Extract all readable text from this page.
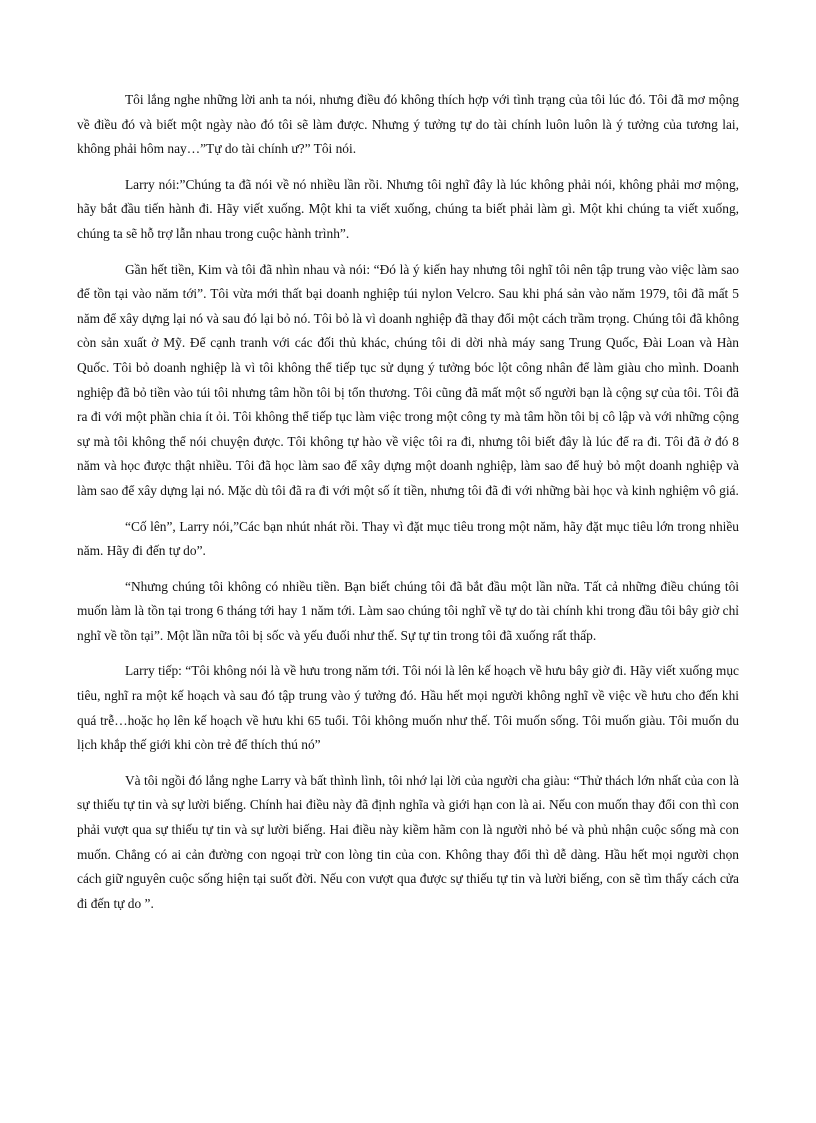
Tôi lắng nghe những lời anh ta nói, nhưng điều đó không thích hợp với tình trạng của tôi lúc đó. Tôi đã mơ mộng về điều đó và biết một ngày nào đó tôi sẽ làm được. Nhưng ý tưởng tự do tài chính luôn luôn là ý tưởng của tương lai, không phải hôm nay…”Tự do tài chính ư?” Tôi nói.

Larry nói:”Chúng ta đã nói về nó nhiều lần rồi. Nhưng tôi nghĩ đây là lúc không phải nói, không phải mơ mộng, hãy bắt đầu tiến hành đi. Hãy viết xuống. Một khi ta viết xuống, chúng ta biết phải làm gì. Một khi chúng ta viết xuống, chúng ta sẽ hỗ trợ lẫn nhau trong cuộc hành trình”.

Gần hết tiền, Kim và tôi đã nhìn nhau và nói: “Đó là ý kiến hay nhưng tôi nghĩ tôi nên tập trung vào việc làm sao để tồn tại vào năm tới”. Tôi vừa mới thất bại doanh nghiệp túi nylon Velcro. Sau khi phá sản vào năm 1979, tôi đã mất 5 năm để xây dựng lại nó và sau đó lại bỏ nó. Tôi bỏ là vì doanh nghiệp đã thay đổi một cách trầm trọng. Chúng tôi đã không còn sản xuất ở Mỹ. Để cạnh tranh với các đối thủ khác, chúng tôi di dời nhà máy sang Trung Quốc, Đài Loan và Hàn Quốc. Tôi bỏ doanh nghiệp là vì tôi không thể tiếp tục sử dụng ý tưởng bóc lột công nhân để làm giàu cho mình. Doanh nghiệp đã bỏ tiền vào túi tôi nhưng tâm hồn tôi bị tổn thương. Tôi cũng đã mất một số người bạn là cộng sự của tôi. Tôi đã ra đi với một phần chia ít ỏi. Tôi không thể tiếp tục làm việc trong một công ty mà tâm hồn tôi bị cô lập và với những cộng sự mà tôi không thể nói chuyện được. Tôi không tự hào về việc tôi ra đi, nhưng tôi biết đây là lúc để ra đi. Tôi đã ở đó 8 năm và học được thật nhiều. Tôi đã học làm sao để xây dựng một doanh nghiệp, làm sao để huỷ bỏ một doanh nghiệp và làm sao để xây dựng lại nó. Mặc dù tôi đã ra đi với một số ít tiền, nhưng tôi đã đi với những bài học và kinh nghiệm vô giá.

“Cố lên”, Larry nói,”Các bạn nhút nhát rồi. Thay vì đặt mục tiêu trong một năm, hãy đặt mục tiêu lớn trong nhiều năm. Hãy đi đến tự do”.

“Nhưng chúng tôi không có nhiều tiền. Bạn biết chúng tôi đã bắt đầu một lần nữa. Tất cả những điều chúng tôi muốn làm là tồn tại trong 6 tháng tới hay 1 năm tới. Làm sao chúng tôi nghĩ về tự do tài chính khi trong đầu tôi bây giờ chỉ nghĩ về tồn tại”. Một lần nữa tôi bị sốc và yếu đuối như thế. Sự tự tin trong tôi đã xuống rất thấp.

Larry tiếp: “Tôi không nói là về hưu trong năm tới. Tôi nói là lên kế hoạch về hưu bây giờ đi. Hãy viết xuống mục tiêu, nghĩ ra một kế hoạch và sau đó tập trung vào ý tưởng đó. Hầu hết mọi người không nghĩ về việc về hưu cho đến khi quá trễ…hoặc họ lên kế hoạch về hưu khi 65 tuổi. Tôi không muốn như thế. Tôi muốn sống. Tôi muốn giàu. Tôi muốn du lịch khắp thế giới khi còn trẻ để thích thú nó”

Và tôi ngồi đó lắng nghe Larry và bất thình lình, tôi nhớ lại lời của người cha giàu: “Thử thách lớn nhất của con là sự thiếu tự tin và sự lười biếng. Chính hai điều này đã định nghĩa và giới hạn con là ai. Nếu con muốn thay đổi con thì con phải vượt qua sự thiếu tự tin và sự lười biếng. Hai điều này kiềm hãm con là người nhỏ bé và phủ nhận cuộc sống mà con muốn. Chẳng có ai cản đường con ngoại trừ con lòng tin của con. Không thay đổi thì dễ dàng. Hầu hết mọi người chọn cách giữ nguyên cuộc sống hiện tại suốt đời. Nếu con vượt qua được sự thiếu tự tin và lười biếng, con sẽ tìm thấy cách cửa đi đến tự do ”.
